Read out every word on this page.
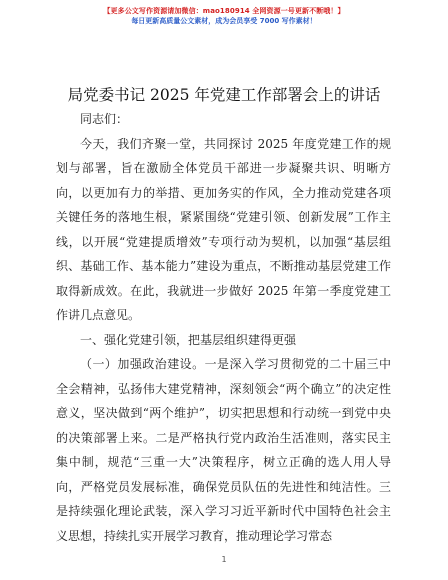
【更多公文写作资源请加微信：mao180914 全网资源一号更新不断哦！】
每日更新高质量公文素材，成为会员享受 7000 写作素材！
局党委书记 2025 年党建工作部署会上的讲话

同志们：

今天，我们齐聚一堂，共同探讨 2025 年度党建工作的规划与部署，旨在激励全体党员干部进一步凝聚共识、明晰方向，以更加有力的举措、更加务实的作风，全力推动党建各项关键任务的落地生根，紧紧围绕“党建引领、创新发展”工作主线，以开展“党建提质增效”专项行动为契机，以加强“基层组织、基础工作、基本能力”建设为重点，不断推动基层党建工作取得新成效。在此，我就进一步做好 2025 年第一季度党建工作讲几点意见。

一、强化党建引领，把基层组织建得更强

（一）加强政治建设。一是深入学习贯彻党的二十届三中全会精神，弘扬伟大建党精神，深刻领会“两个确立”的决定性意义，坚决做到“两个维护”，切实把思想和行动统一到党中央的决策部署上来。二是严格执行党内政治生活准则，落实民主集中制，规范“三重一大”决策程序，树立正确的选人用人导向，严格党员发展标准，确保党员队伍的先进性和纯洁性。三是持续强化理论武装，深入学习习近平新时代中国特色社会主义思想，持续扎实开展学习教育，推动理论学习常态

1
